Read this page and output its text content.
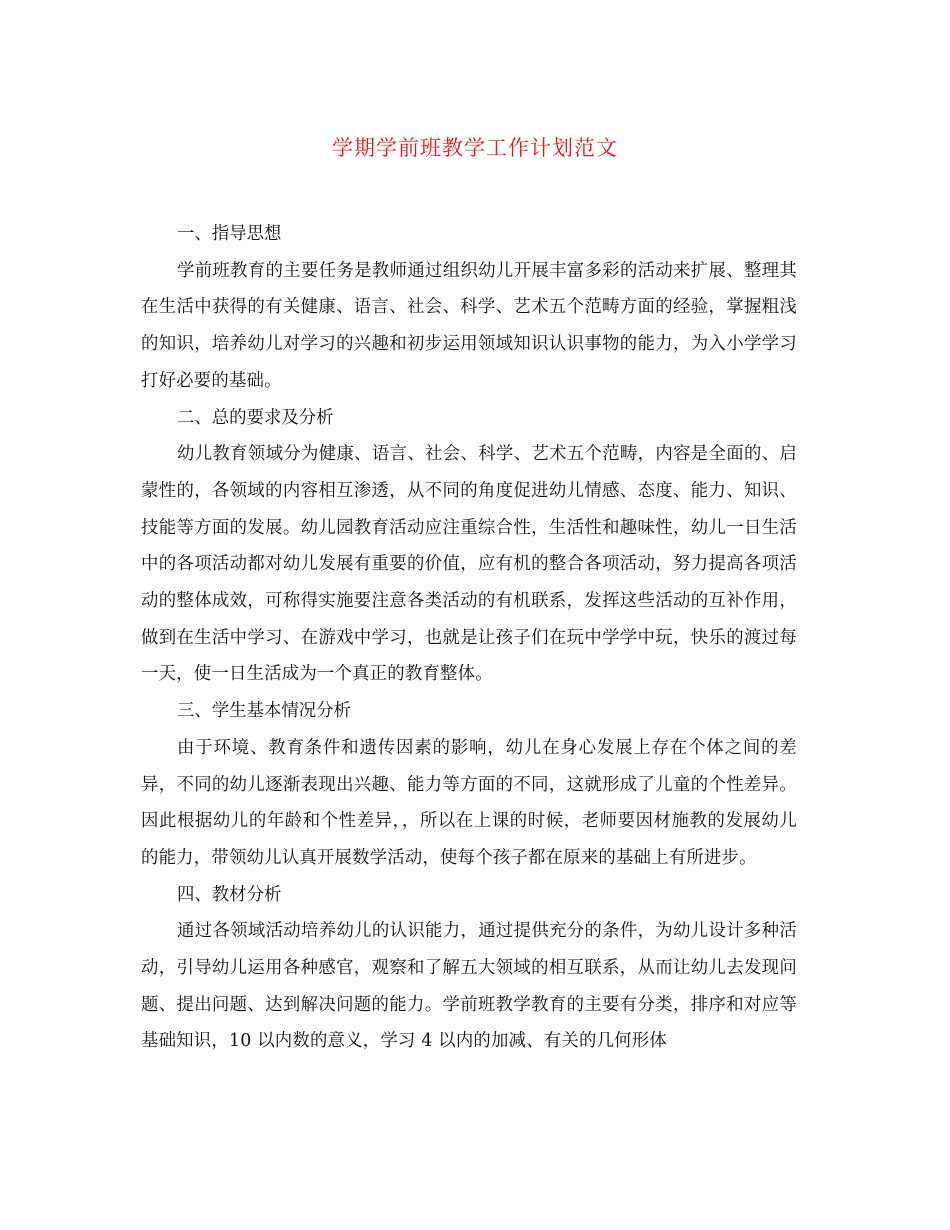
学期学前班教学工作计划范文

一、指导思想

学前班教育的主要任务是教师通过组织幼儿开展丰富多彩的活动来扩展、整理其在生活中获得的有关健康、语言、社会、科学、艺术五个范畴方面的经验，掌握粗浅的知识，培养幼儿对学习的兴趣和初步运用领域知识认识事物的能力，为入小学学习打好必要的基础。

二、总的要求及分析

幼儿教育领域分为健康、语言、社会、科学、艺术五个范畴，内容是全面的、启蒙性的，各领域的内容相互渗透，从不同的角度促进幼儿情感、态度、能力、知识、技能等方面的发展。幼儿园教育活动应注重综合性，生活性和趣味性，幼儿一日生活中的各项活动都对幼儿发展有重要的价值，应有机的整合各项活动，努力提高各项活动的整体成效，可称得实施要注意各类活动的有机联系，发挥这些活动的互补作用，做到在生活中学习、在游戏中学习，也就是让孩子们在玩中学学中玩，快乐的渡过每一天，使一日生活成为一个真正的教育整体。

三、学生基本情况分析

由于环境、教育条件和遗传因素的影响，幼儿在身心发展上存在个体之间的差异，不同的幼儿逐渐表现出兴趣、能力等方面的不同，这就形成了儿童的个性差异。因此根据幼儿的年龄和个性差异，，所以在上课的时候，老师要因材施教的发展幼儿的能力，带领幼儿认真开展数学活动，使每个孩子都在原来的基础上有所进步。

四、教材分析

通过各领域活动培养幼儿的认识能力，通过提供充分的条件，为幼儿设计多种活动，引导幼儿运用各种感官，观察和了解五大领域的相互联系，从而让幼儿去发现问题、提出问题、达到解决问题的能力。学前班教学教育的主要有分类，排序和对应等基础知识，10 以内数的意义，学习 4 以内的加减、有关的几何形体
